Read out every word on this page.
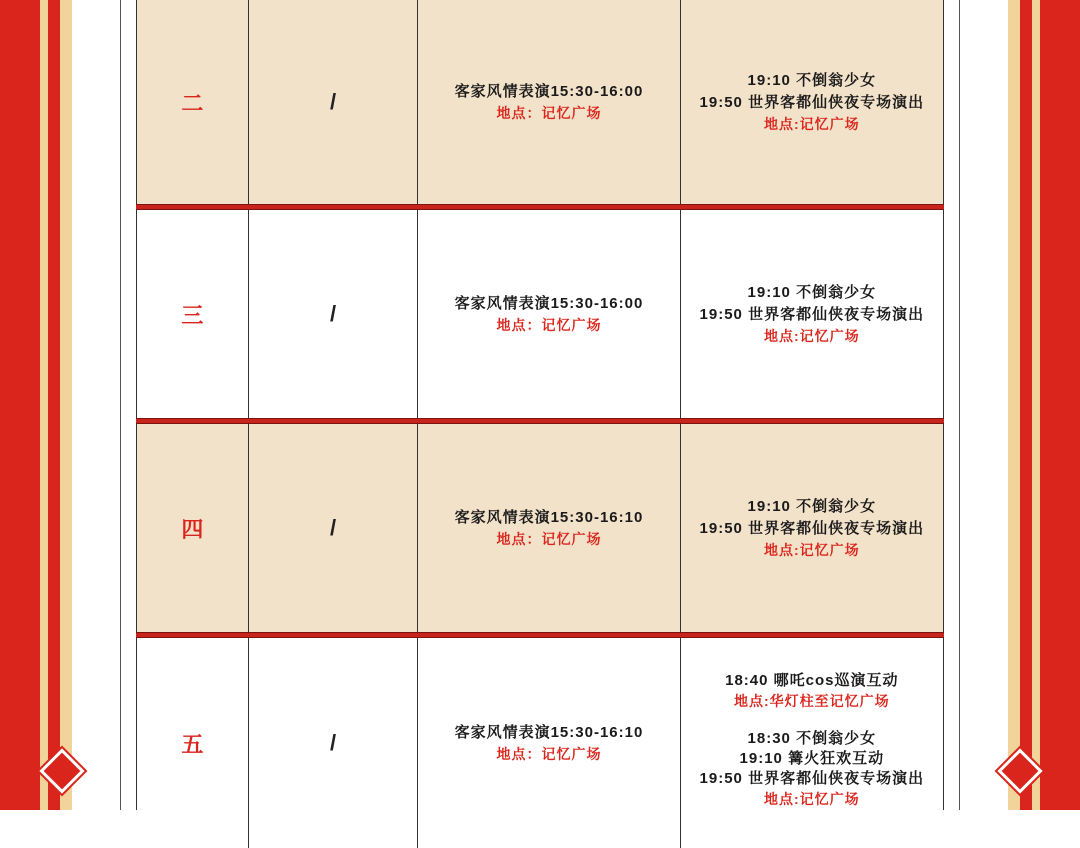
二	/	客家风情表演15:30-16:00
地点：记忆广场
19:10 不倒翁少女
19:50 世界客都仙侠夜专场演出
地点:记忆广场
三	/	客家风情表演15:30-16:00
地点：记忆广场
19:10 不倒翁少女
19:50 世界客都仙侠夜专场演出
地点:记忆广场
四	/	客家风情表演15:30-16:10
地点：记忆广场
19:10 不倒翁少女
19:50 世界客都仙侠夜专场演出
地点:记忆广场
五	/	客家风情表演15:30-16:10
地点：记忆广场
18:40 哪吒cos巡演互动
地点:华灯柱至记忆广场
18:30 不倒翁少女
19:10 篝火狂欢互动
19:50 世界客都仙侠夜专场演出
地点:记忆广场
